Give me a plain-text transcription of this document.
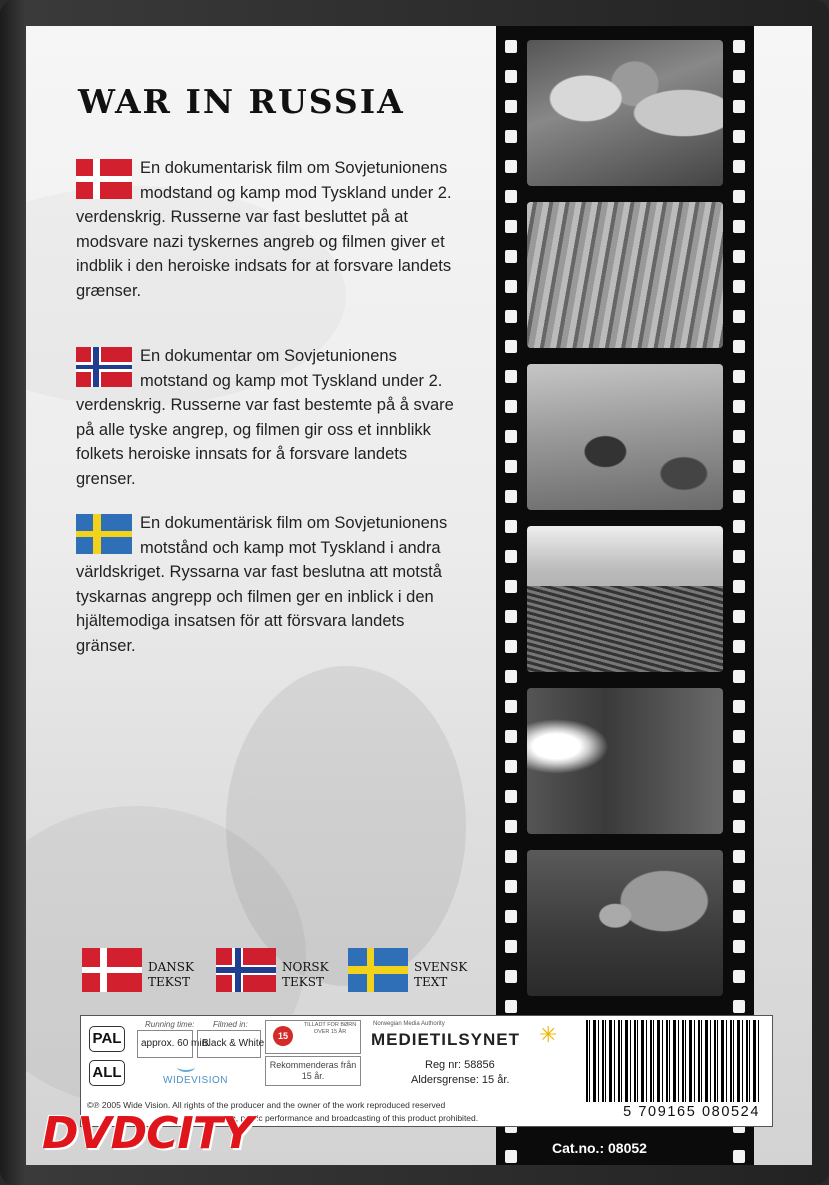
WAR IN RUSSIA
En dokumentarisk film om Sovjetunionens modstand og kamp mod Tyskland under 2. verdenskrig. Russerne var fast besluttet på at modsvare nazi tyskernes angreb og filmen giver et indblik i den heroiske indsats for at forsvare landets grænser.
En dokumentar om Sovjetunionens motstand og kamp mot Tyskland under 2. verdenskrig. Russerne var fast bestemte på å svare på alle tyske angrep, og filmen gir oss et innblikk folkets heroiske innsats for å forsvare landets grenser.
En dokumentärisk film om Sovjetunionens motstånd och kamp mot Tyskland i andra världskriget. Ryssarna var fast beslutna att motstå tyskarnas angrepp och filmen ger en inblick i den hjältemodiga insatsen för att försvara landets gränser.
DANSK
TEKST
NORSK
TEKST
SVENSK
TEXT
PAL
ALL
Running time:
approx. 60 min.
Filmed in:
Black & White
15
TILLADT FOR BØRN OVER 15 ÅR
Rekommenderas från 15 år.
WIDEVISION
Norwegian Media Authority
MEDIETILSYNET ✳
Reg nr: 58856
Aldersgrense: 15 år.
©℗ 2005 Wide Vision. All rights of the producer and the owner of the work reproduced reserved
g, public performance and broadcasting of this product prohibited.	5 709165 080524
Cat.no.: 08052
DVDCITY
